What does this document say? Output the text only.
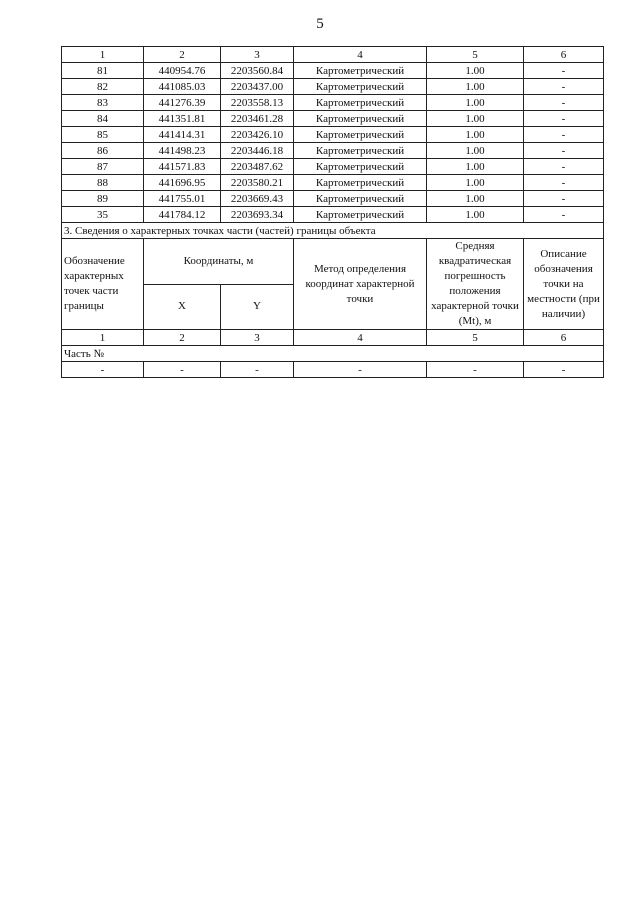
5
1	2	3	4	5	6
81	440954.76	2203560.84	Картометрический	1.00	-
82	441085.03	2203437.00	Картометрический	1.00	-
83	441276.39	2203558.13	Картометрический	1.00	-
84	441351.81	2203461.28	Картометрический	1.00	-
85	441414.31	2203426.10	Картометрический	1.00	-
86	441498.23	2203446.18	Картометрический	1.00	-
87	441571.83	2203487.62	Картометрический	1.00	-
88	441696.95	2203580.21	Картометрический	1.00	-
89	441755.01	2203669.43	Картометрический	1.00	-
35	441784.12	2203693.34	Картометрический	1.00	-
3. Сведения о характерных точках части (частей) границы объекта					
Обозначение характерных точек части границы	Координаты, м		Метод определения координат характерной точки	Средняя квадратическая погрешность положения характерной точки (Mt), м	Описание обозначения точки на местности (при наличии)
	X	Y			
1	2	3	4	5	6
Часть №					
-	-	-	-	-	-
